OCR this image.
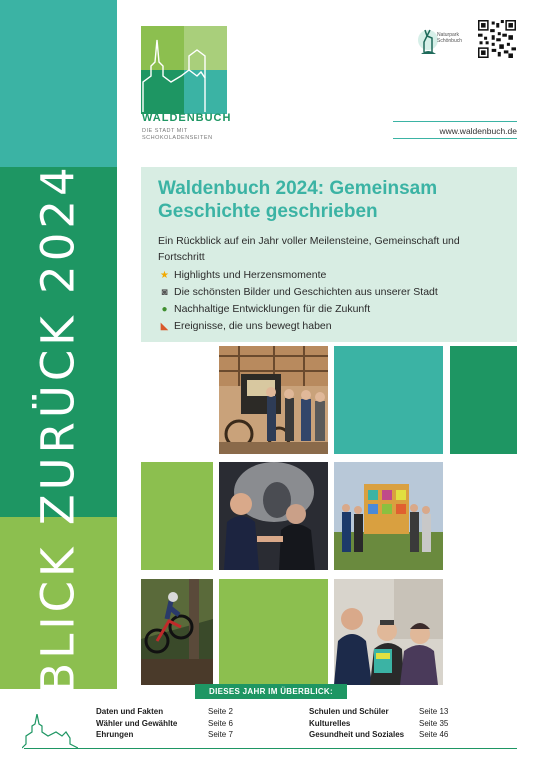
BLICK ZURÜCK 2024
WALDENBUCH
DIE STADT MIT
SCHOKOLADENSEITEN
Naturpark
Schönbuch
www.waldenbuch.de
Waldenbuch 2024: Gemeinsam Geschichte geschrieben
Ein Rückblick auf ein Jahr voller Meilensteine, Gemeinschaft und Fortschritt
★ Highlights und Herzensmomente
◙ Die schönsten Bilder und Geschichten aus unserer Stadt
● Nachhaltige Entwicklungen für die Zukunft
◣ Ereignisse, die uns bewegt haben
DIESES JAHR IM ÜBERBLICK:
Daten und Fakten	Seite 2
Wähler und Gewählte	Seite 6
Ehrungen	Seite 7
Schulen und Schüler	Seite 13
Kulturelles	Seite 35
Gesundheit und Soziales	Seite 46
